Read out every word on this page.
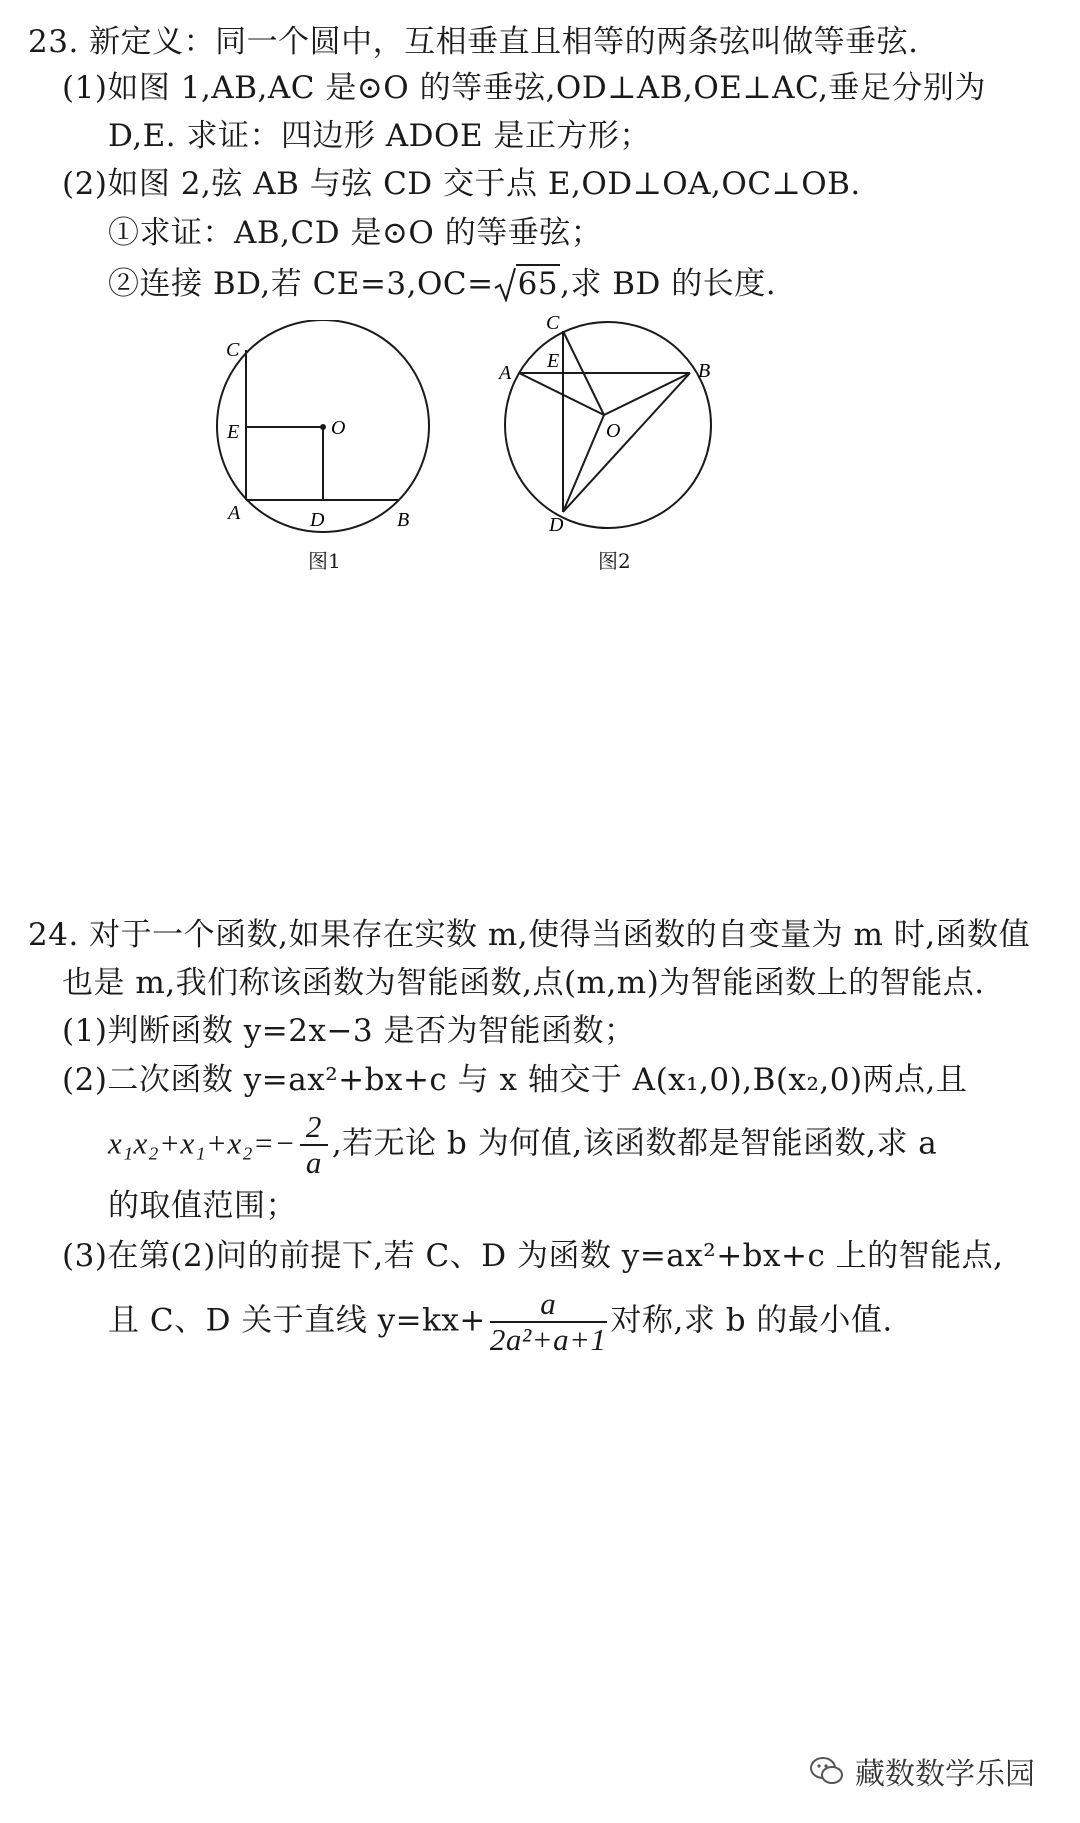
23. 新定义：同一个圆中，互相垂直且相等的两条弦叫做等垂弦.
(1)如图 1,AB,AC 是⊙O 的等垂弦,OD⊥AB,OE⊥AC,垂足分别为
D,E. 求证：四边形 ADOE 是正方形；
(2)如图 2,弦 AB 与弦 CD 交于点 E,OD⊥OA,OC⊥OB.
①求证：AB,CD 是⊙O 的等垂弦；
②连接 BD,若 CE=3,OC= 65,求 BD 的长度.
C
E	O
A	D	B
图1
C
E
A	B
O
D
图2
24. 对于一个函数,如果存在实数 m,使得当函数的自变量为 m 时,函数值
也是 m,我们称该函数为智能函数,点(m,m)为智能函数上的智能点.
(1)判断函数 y=2x−3 是否为智能函数；
(2)二次函数 y=ax²+bx+c 与 x 轴交于 A(x₁,0),B(x₂,0)两点,且
$x_1x_2+x_1+x_2=- \frac{2}{a}$ ,若无论 b 为何值,该函数都是智能函数,求 a
的取值范围；
(3)在第(2)问的前提下,若 C、D 为函数 y=ax²+bx+c 上的智能点,
且 C、D 关于直线 $y=kx+ \frac{a}{\text{2a²+a+1}}$ 对称,求 b 的最小值.
藏数数学乐园
